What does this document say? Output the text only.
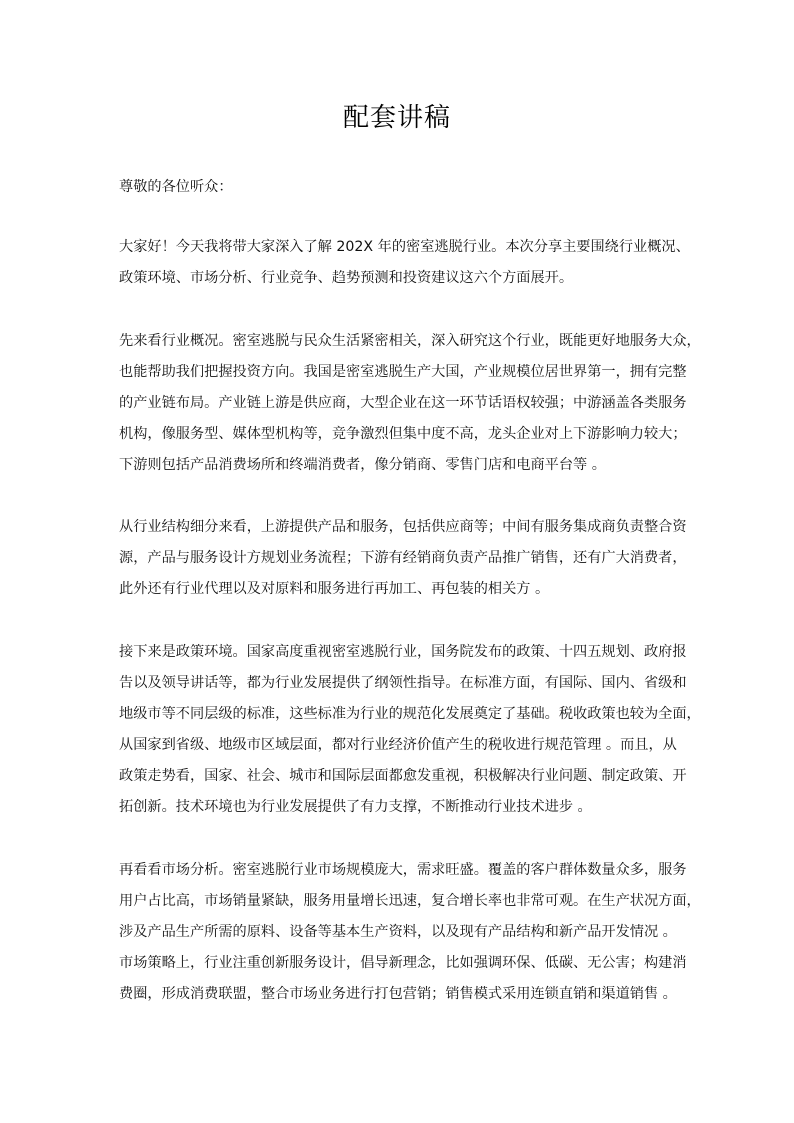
配套讲稿
尊敬的各位听众：
大家好！今天我将带大家深入了解 202X 年的密室逃脱行业。本次分享主要围绕行业概况、
政策环境、市场分析、行业竞争、趋势预测和投资建议这六个方面展开。
先来看行业概况。密室逃脱与民众生活紧密相关，深入研究这个行业，既能更好地服务大众，
也能帮助我们把握投资方向。我国是密室逃脱生产大国，产业规模位居世界第一，拥有完整
的产业链布局。产业链上游是供应商，大型企业在这一环节话语权较强；中游涵盖各类服务
机构，像服务型、媒体型机构等，竞争激烈但集中度不高，龙头企业对上下游影响力较大；
下游则包括产品消费场所和终端消费者，像分销商、零售门店和电商平台等 。
从行业结构细分来看，上游提供产品和服务，包括供应商等；中间有服务集成商负责整合资
源，产品与服务设计方规划业务流程；下游有经销商负责产品推广销售，还有广大消费者，
此外还有行业代理以及对原料和服务进行再加工、再包装的相关方 。
接下来是政策环境。国家高度重视密室逃脱行业，国务院发布的政策、十四五规划、政府报
告以及领导讲话等，都为行业发展提供了纲领性指导。在标准方面，有国际、国内、省级和
地级市等不同层级的标准，这些标准为行业的规范化发展奠定了基础。税收政策也较为全面，
从国家到省级、地级市区域层面，都对行业经济价值产生的税收进行规范管理 。而且，从
政策走势看，国家、社会、城市和国际层面都愈发重视，积极解决行业问题、制定政策、开
拓创新。技术环境也为行业发展提供了有力支撑，不断推动行业技术进步 。
再看看市场分析。密室逃脱行业市场规模庞大，需求旺盛。覆盖的客户群体数量众多，服务
用户占比高，市场销量紧缺，服务用量增长迅速，复合增长率也非常可观。在生产状况方面，
涉及产品生产所需的原料、设备等基本生产资料，以及现有产品结构和新产品开发情况 。
市场策略上，行业注重创新服务设计，倡导新理念，比如强调环保、低碳、无公害；构建消
费圈，形成消费联盟，整合市场业务进行打包营销；销售模式采用连锁直销和渠道销售 。
